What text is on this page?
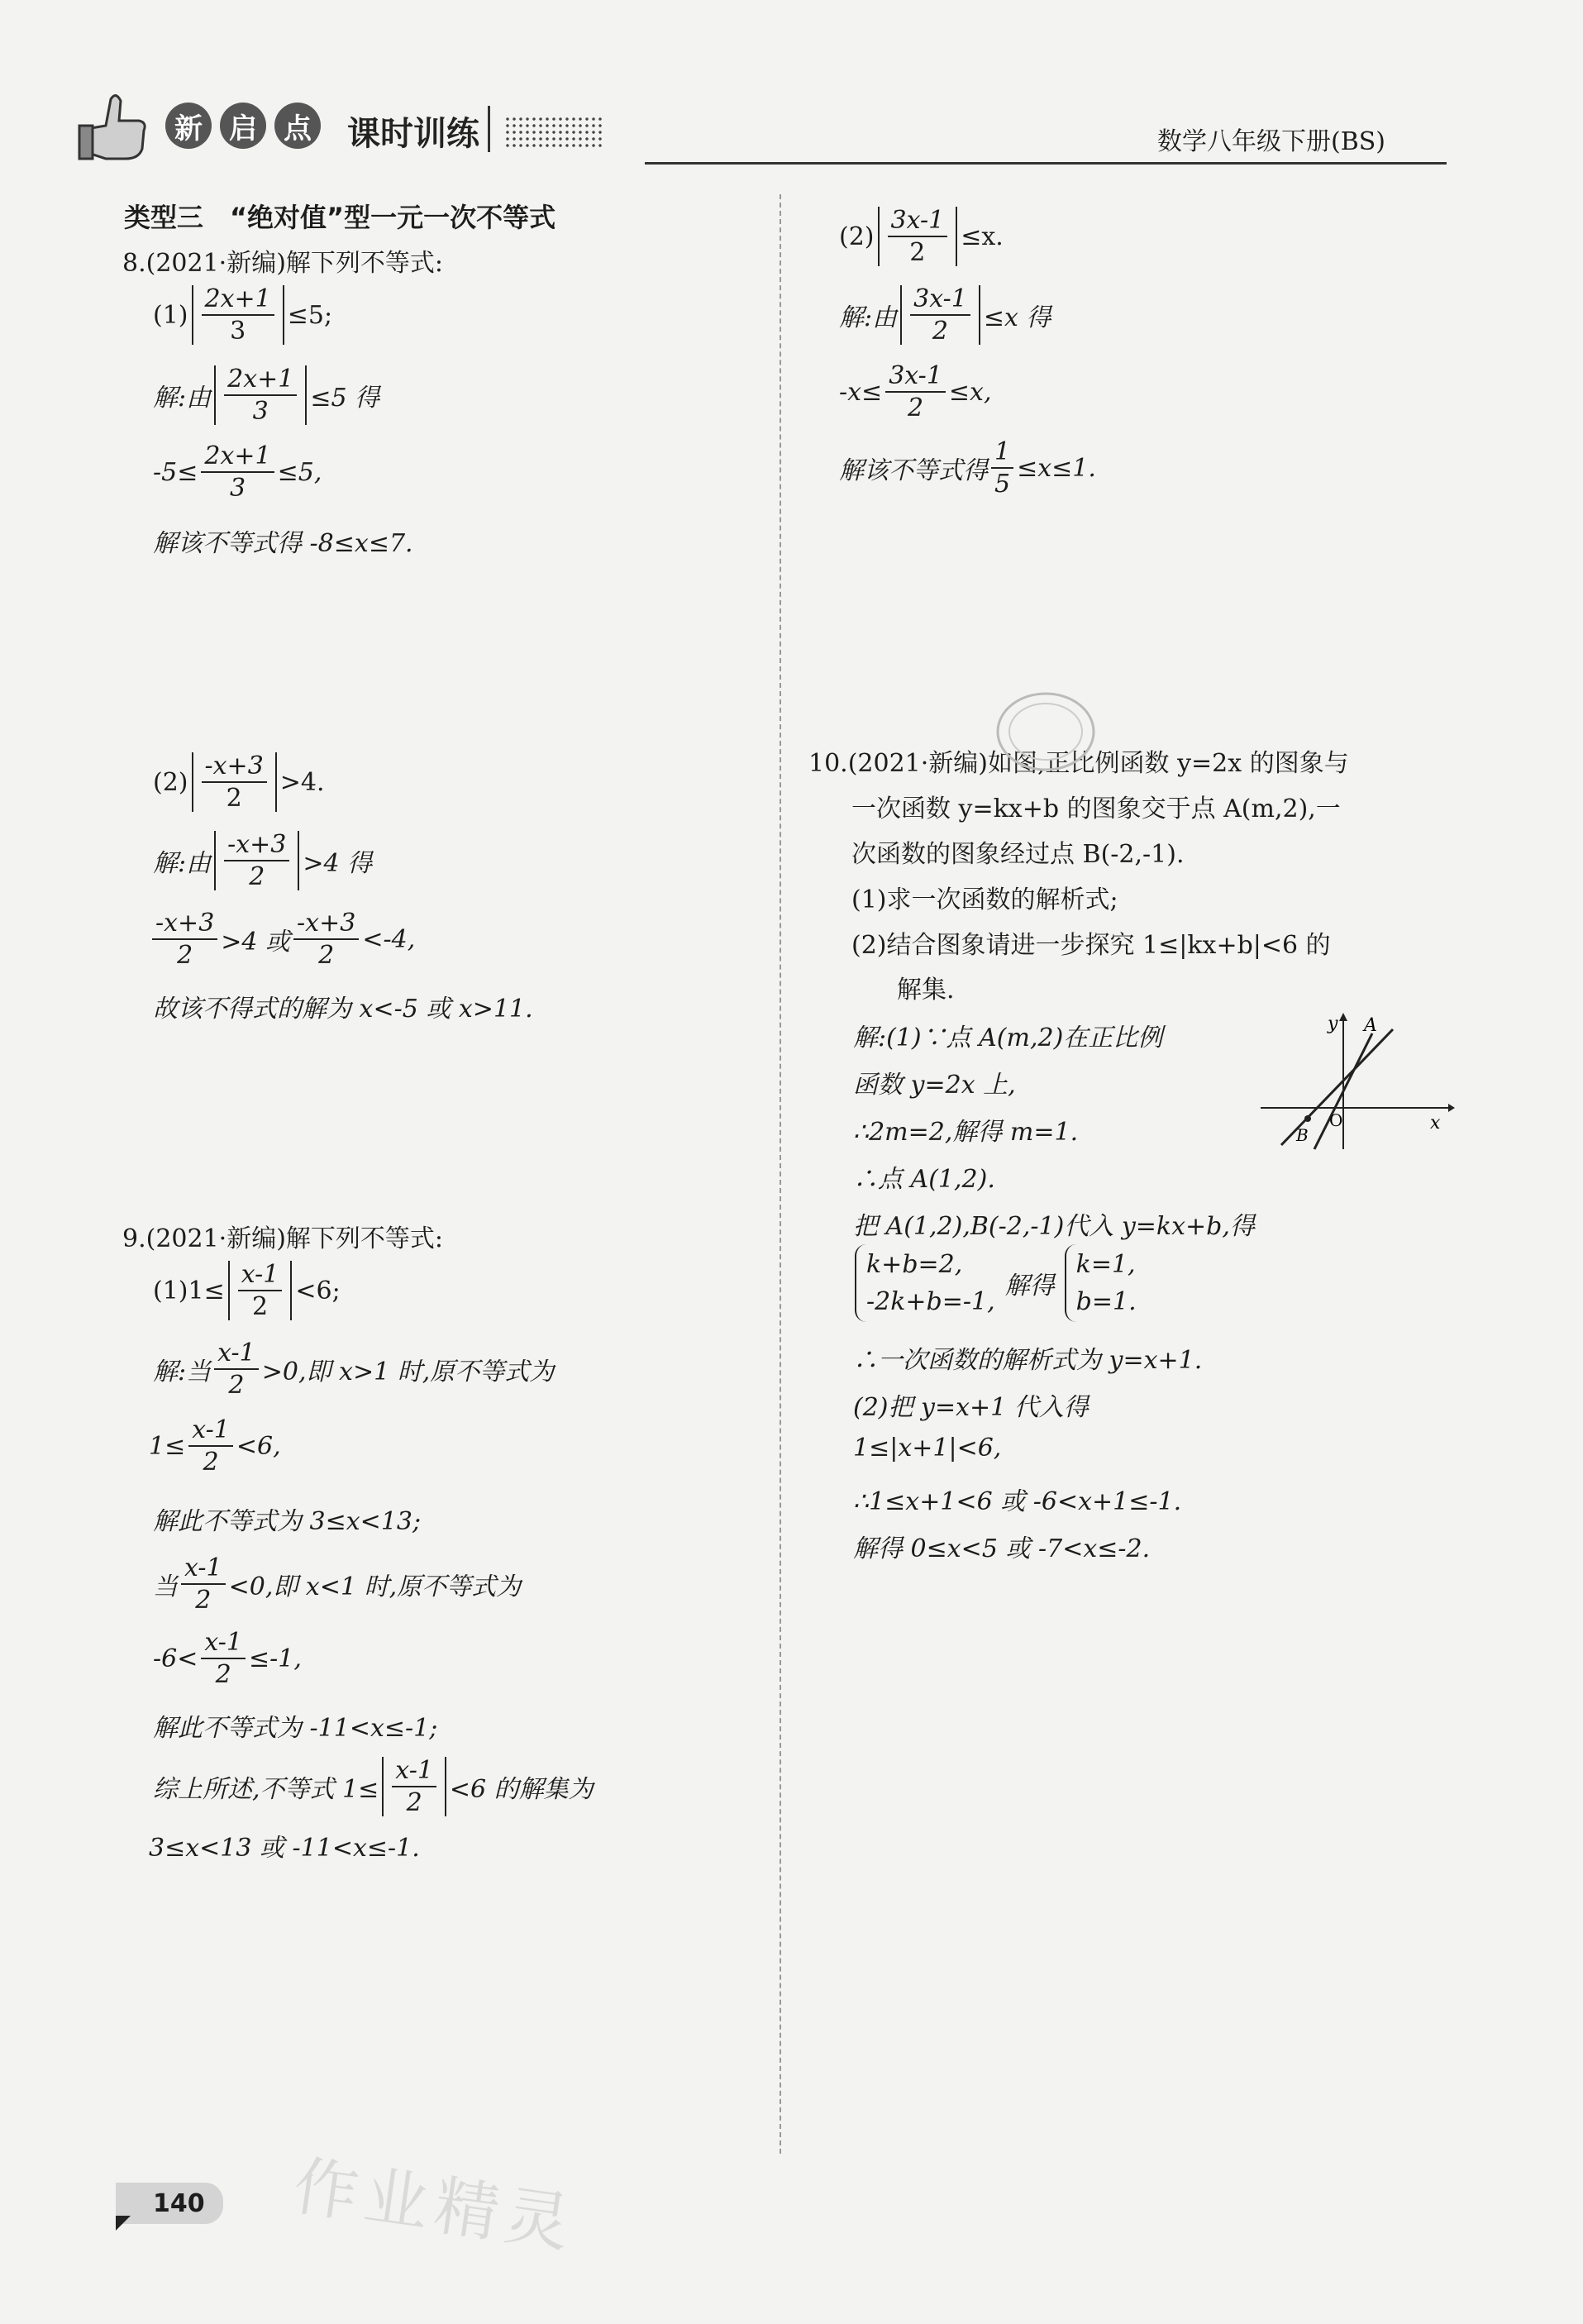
新 启 点 课时训练	数学八年级下册(BS)
类型三　“绝对值”型一元一次不等式
8.(2021·新编)解下列不等式:
$(1) \frac{2x+1}{3} \le 5$;
解:由 $\frac{2x+1}{3} \le 5$ 得
$-5\le \frac{2x+1}{3} \le 5$,
解该不等式得 -8≤x≤7.
$(2) \frac{-x+3}{2} >4$.
解:由 $\frac{-x+3}{2} >4$ 得
$\frac{-x+3}{2} >4$ 或 $\frac{-x+3}{2} <-4$,
故该不得式的解为 x<-5 或 x>11.
9.(2021·新编)解下列不等式:
$(1)1\le \frac{x-1}{2} <6$;
解:当 $\frac{x-1}{2} >0$,即 x>1 时,原不等式为
$1\le \frac{x-1}{2} <6$,
解此不等式为 3≤x<13;
当 $\frac{x-1}{2} <0$,即 x<1 时,原不等式为
$-6< \frac{x-1}{2} \le-1$,
解此不等式为 -11<x≤-1;
综上所述,不等式 $1\le \frac{x-1}{2} <6$ 的解集为
3≤x<13 或 -11<x≤-1.
$(2) \frac{3x-1}{2} \le x$.
解:由 $\frac{3x-1}{2} \le x$ 得
$-x\le \frac{3x-1}{2} \le x$,
解该不等式得 $\frac{1}{5} \le x\le 1$.
10.(2021·新编)如图,正比例函数 y=2x 的图象与
一次函数 y=kx+b 的图象交于点 A(m,2),一
次函数的图象经过点 B(-2,-1).
(1)求一次函数的解析式;
(2)结合图象请进一步探究 1≤|kx+b|<6 的
解集.
解:(1)∵点 A(m,2)在正比例
函数 y=2x 上,
∴2m=2,解得 m=1.
∴点 A(1,2).
把 A(1,2),B(-2,-1)代入 y=kx+b,得
k+b=2,
-2k+b=-1,
解得
k=1,
b=1.
∴一次函数的解析式为 y=x+1.
(2)把 y=x+1 代入得
1≤|x+1|<6,
∴1≤x+1<6 或 -6<x+1≤-1.
解得 0≤x<5 或 -7<x≤-2.
y
x
O
A
B
140 作业精灵
